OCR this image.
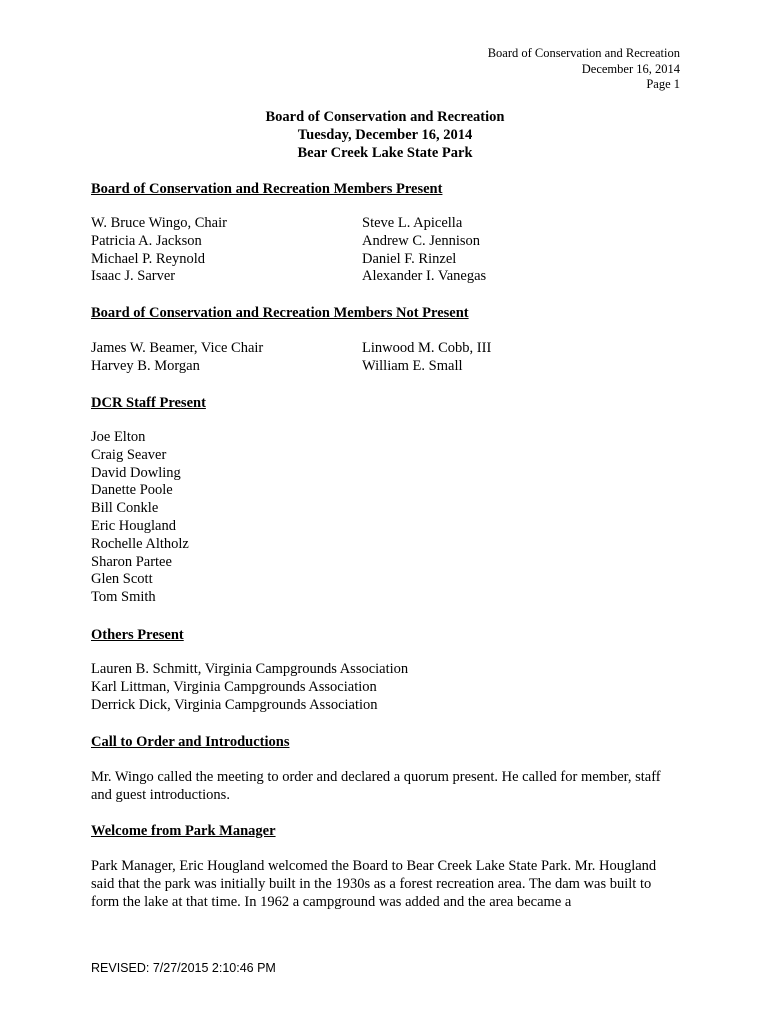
Board of Conservation and Recreation
December 16, 2014
Page 1
Board of Conservation and Recreation
Tuesday, December 16, 2014
Bear Creek Lake State Park
Board of Conservation and Recreation Members Present
W. Bruce Wingo, Chair
Patricia A. Jackson
Michael P. Reynold
Isaac J. Sarver
Steve L. Apicella
Andrew C. Jennison
Daniel F. Rinzel
Alexander I. Vanegas
Board of Conservation and Recreation Members Not Present
James W. Beamer, Vice Chair
Harvey B. Morgan
Linwood M. Cobb, III
William E. Small
DCR Staff Present
Joe Elton
Craig Seaver
David Dowling
Danette Poole
Bill Conkle
Eric Hougland
Rochelle Altholz
Sharon Partee
Glen Scott
Tom Smith
Others Present
Lauren B. Schmitt, Virginia Campgrounds Association
Karl Littman, Virginia Campgrounds Association
Derrick Dick, Virginia Campgrounds Association
Call to Order and Introductions
Mr. Wingo called the meeting to order and declared a quorum present. He called for member, staff and guest introductions.
Welcome from Park Manager
Park Manager, Eric Hougland welcomed the Board to Bear Creek Lake State Park. Mr. Hougland said that the park was initially built in the 1930s as a forest recreation area. The dam was built to form the lake at that time. In 1962 a campground was added and the area became a
REVISED: 7/27/2015 2:10:46 PM
